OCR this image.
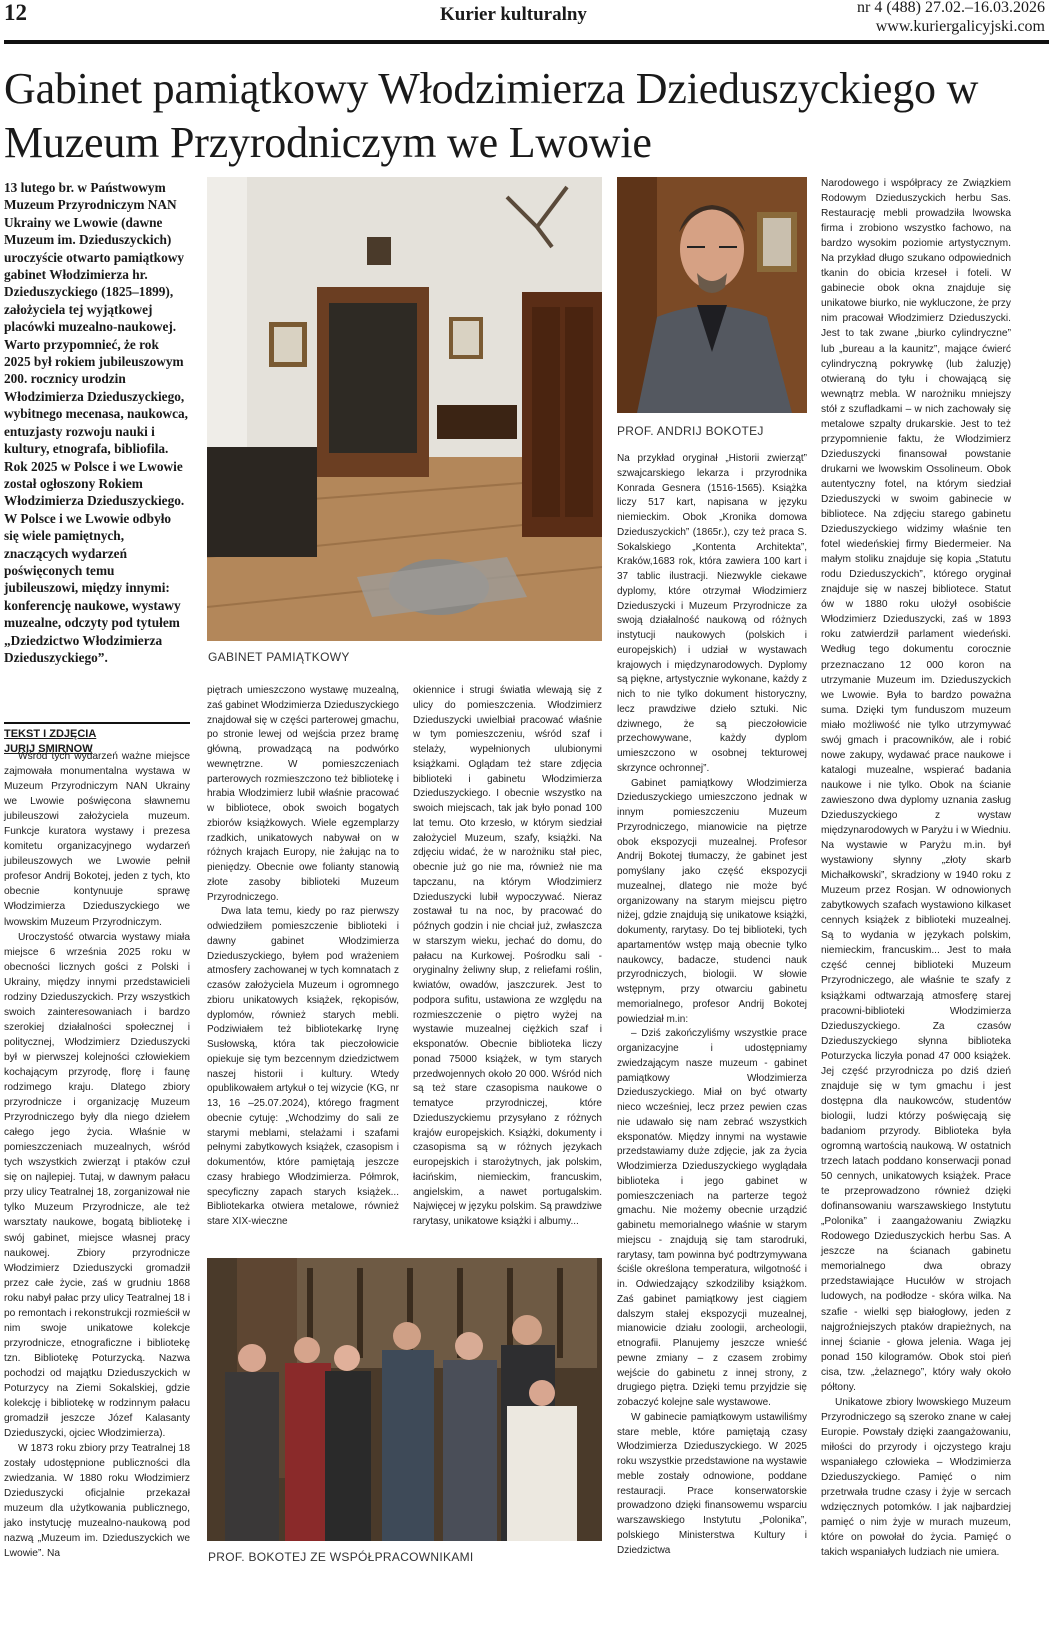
12	Kurier kulturalny	nr 4 (488) 27.02.–16.03.2026
www.kuriergalicyjski.com
Gabinet pamiątkowy Włodzimierza Dzieduszyckiego w Muzeum Przyrodniczym we Lwowie
13 lutego br. w Państwowym Muzeum Przyrodniczym NAN Ukrainy we Lwowie (dawne Muzeum im. Dzieduszyckich) uroczyście otwarto pamiątkowy gabinet Włodzimierza hr. Dzieduszyckiego (1825–1899), założyciela tej wyjątkowej placówki muzealno-naukowej. Warto przypomnieć, że rok 2025 był rokiem jubileuszowym 200. rocznicy urodzin Włodzimierza Dzieduszyckiego, wybitnego mecenasa, naukowca, entuzjasty rozwoju nauki i kultury, etnografa, bibliofila. Rok 2025 w Polsce i we Lwowie został ogłoszony Rokiem Włodzimierza Dzieduszyckiego. W Polsce i we Lwowie odbyło się wiele pamiętnych, znaczących wydarzeń poświęconych temu jubileuszowi, między innymi: konferencję naukowe, wystawy muzealne, odczyty pod tytułem „Dziedzictwo Włodzimierza Dzieduszyckiego”.
TEKST I ZDJĘCIA
JURIJ SMIRNOW

Wśród tych wydarzeń ważne miejsce zajmowała monumentalna wystawa w Muzeum Przyrodniczym NAN Ukrainy we Lwowie poświęcona sławnemu jubileuszowi założyciela muzeum. Funkcje kuratora wystawy i prezesa komitetu organizacyjnego wydarzeń jubileuszowych we Lwowie pełnił profesor Andrij Bokotej, jeden z tych, kto obecnie kontynuuje sprawę Włodzimierza Dzieduszyckiego we lwowskim Muzeum Przyrodniczym.

Uroczystość otwarcia wystawy miała miejsce 6 września 2025 roku w obecności licznych gości z Polski i Ukrainy, między innymi przedstawicieli rodziny Dzieduszyckich. Przy wszystkich swoich zainteresowaniach i bardzo szerokiej działalności społecznej i politycznej, Włodzimierz Dzieduszycki był w pierwszej kolejności człowiekiem kochającym przyrodę, florę i faunę rodzimego kraju. Dlatego zbiory przyrodnicze i organizację Muzeum Przyrodniczego były dla niego dziełem całego jego życia. Właśnie w pomieszczeniach muzealnych, wśród tych wszystkich zwierząt i ptaków czuł się on najlepiej. Tutaj, w dawnym pałacu przy ulicy Teatralnej 18, zorganizował nie tylko Muzeum Przyrodnicze, ale też warsztaty naukowe, bogatą bibliotekę i swój gabinet, miejsce własnej pracy naukowej. Zbiory przyrodnicze Włodzimierz Dzieduszycki gromadził przez całe życie, zaś w grudniu 1868 roku nabył pałac przy ulicy Teatralnej 18 i po remontach i rekonstrukcji rozmieścił w nim swoje unikatowe kolekcje przyrodnicze, etnograficzne i bibliotekę tzn. Bibliotekę Poturzycką. Nazwa pochodzi od majątku Dzieduszyckich w Poturzycy na Ziemi Sokalskiej, gdzie kolekcję i bibliotekę w rodzinnym pałacu gromadził jeszcze Józef Kalasanty Dzieduszycki, ojciec Włodzimierza).

W 1873 roku zbiory przy Teatralnej 18 zostały udostępnione publiczności dla zwiedzania. W 1880 roku Włodzimierz Dzieduszycki oficjalnie przekazał muzeum dla użytkowania publicznego, jako instytucję muzealno-naukową pod nazwą „Muzeum im. Dzieduszyckich we Lwowie”. Na

GABINET PAMIĄTKOWY

piętrach umieszczono wystawę muzealną, zaś gabinet Włodzimierza Dzieduszyckiego znajdował się w części parterowej gmachu, po stronie lewej od wejścia przez bramę główną, prowadzącą na podwórko wewnętrzne. W pomieszczeniach parterowych rozmieszczono też bibliotekę i hrabia Włodzimierz lubił właśnie pracować w bibliotece, obok swoich bogatych zbiorów książkowych. Wiele egzemplarzy rzadkich, unikatowych nabywał on w różnych krajach Europy, nie żałując na to pieniędzy. Obecnie owe folianty stanowią złote zasoby biblioteki Muzeum Przyrodniczego.

Dwa lata temu, kiedy po raz pierwszy odwiedziłem pomieszczenie biblioteki i dawny gabinet Włodzimierza Dzieduszyckiego, byłem pod wrażeniem atmosfery zachowanej w tych komnatach z czasów założyciela Muzeum i ogromnego zbioru unikatowych książek, rękopisów, dyplomów, również starych mebli. Podziwiałem też bibliotekarkę Irynę Susłowską, która tak pieczołowicie opiekuje się tym bezcennym dziedzictwem naszej historii i kultury. Wtedy opublikowałem artykuł o tej wizycie (KG, nr 13, 16 –25.07.2024), którego fragment obecnie cytuję: „Wchodzimy do sali ze starymi meblami, stelażami i szafami pełnymi zabytkowych książek, czasopism i dokumentów, które pamiętają jeszcze czasy hrabiego Włodzimierza. Półmrok, specyficzny zapach starych książek... Bibliotekarka otwiera metalowe, również stare XIX-wieczne

okiennice i strugi światła wlewają się z ulicy do pomieszczenia. Włodzimierz Dzieduszycki uwielbiał pracować właśnie w tym pomieszczeniu, wśród szaf i stelaży, wypełnionych ulubionymi książkami. Oglądam też stare zdjęcia biblioteki i gabinetu Włodzimierza Dzieduszyckiego. I obecnie wszystko na swoich miejscach, tak jak było ponad 100 lat temu. Oto krzesło, w którym siedział założyciel Muzeum, szafy, książki. Na zdjęciu widać, że w narożniku stał piec, obecnie już go nie ma, również nie ma tapczanu, na którym Włodzimierz Dzieduszycki lubił wypoczywać. Nieraz zostawał tu na noc, by pracować do późnych godzin i nie chciał już, zwłaszcza w starszym wieku, jechać do domu, do pałacu na Kurkowej. Pośrodku sali - oryginalny żeliwny słup, z reliefami roślin, kwiatów, owadów, jaszczurek. Jest to podpora sufitu, ustawiona ze względu na rozmieszczenie o piętro wyżej na wystawie muzealnej ciężkich szaf i eksponatów. Obecnie biblioteka liczy ponad 75000 książek, w tym starych przedwojennych około 20 000. Wśród nich są też stare czasopisma naukowe o tematyce przyrodniczej, które Dzieduszyckiemu przysyłano z różnych krajów europejskich. Książki, dokumenty i czasopisma są w różnych językach europejskich i starożytnych, jak polskim, łacińskim, niemieckim, francuskim, angielskim, a nawet portugalskim. Najwięcej w języku polskim. Są prawdziwe rarytasy, unikatowe książki i albumy...

PROF. BOKOTEJ ZE WSPÓŁPRACOWNIKAMI
PROF. ANDRIJ BOKOTEJ

Na przykład oryginał „Historii zwierząt” szwajcarskiego lekarza i przyrodnika Konrada Gesnera (1516-1565). Książka liczy 517 kart, napisana w języku niemieckim. Obok „Kronika domowa Dzieduszyckich” (1865r.), czy też praca S. Sokalskiego „Kontenta Architekta”, Kraków,1683 rok, która zawiera 100 kart i 37 tablic ilustracji. Niezwykle ciekawe dyplomy, które otrzymał Włodzimierz Dzieduszycki i Muzeum Przyrodnicze za swoją działalność naukową od różnych instytucji naukowych (polskich i europejskich) i udział w wystawach krajowych i międzynarodowych. Dyplomy są piękne, artystycznie wykonane, każdy z nich to nie tylko dokument historyczny, lecz prawdziwe dzieło sztuki. Nic dziwnego, że są pieczołowicie przechowywane, każdy dyplom umieszczono w osobnej tekturowej skrzynce ochronnej”.

Gabinet pamiątkowy Włodzimierza Dzieduszyckiego umieszczono jednak w innym pomieszczeniu Muzeum Przyrodniczego, mianowicie na piętrze obok ekspozycji muzealnej. Profesor Andrij Bokotej tłumaczy, że gabinet jest pomyślany jako część ekspozycji muzealnej, dlatego nie może być organizowany na starym miejscu piętro niżej, gdzie znajdują się unikatowe książki, dokumenty, rarytasy. Do tej biblioteki, tych apartamentów wstęp mają obecnie tylko naukowcy, badacze, studenci nauk przyrodniczych, biologii. W słowie wstępnym, przy otwarciu gabinetu memorialnego, profesor Andrij Bokotej powiedział m.in:

– Dziś zakończyliśmy wszystkie prace organizacyjne i udostępniamy zwiedzającym nasze muzeum - gabinet pamiątkowy Włodzimierza Dzieduszyckiego. Miał on być otwarty nieco wcześniej, lecz przez pewien czas nie udawało się nam zebrać wszystkich eksponatów. Między innymi na wystawie przedstawiamy duże zdjęcie, jak za życia Włodzimierza Dzieduszyckiego wyglądała biblioteka i jego gabinet w pomieszczeniach na parterze tegoż gmachu. Nie możemy obecnie urządzić gabinetu memorialnego właśnie w starym miejscu - znajdują się tam starodruki, rarytasy, tam powinna być podtrzymywana ściśle określona temperatura, wilgotność i in. Odwiedzający szkodziliby książkom. Zaś gabinet pamiątkowy jest ciągiem dalszym stałej ekspozycji muzealnej, mianowicie działu zoologii, archeologii, etnografii. Planujemy jeszcze wnieść pewne zmiany – z czasem zrobimy wejście do gabinetu z innej strony, z drugiego piętra. Dzięki temu przyjdzie się zobaczyć kolejne sale wystawowe.

W gabinecie pamiątkowym ustawiliśmy stare meble, które pamiętają czasy Włodzimierza Dzieduszyckiego. W 2025 roku wszystkie przedstawione na wystawie meble zostały odnowione, poddane restauracji. Prace konserwatorskie prowadzono dzięki finansowemu wsparciu warszawskiego Instytutu „Polonika”, polskiego Ministerstwa Kultury i Dziedzictwa

Narodowego i współpracy ze Związkiem Rodowym Dzieduszyckich herbu Sas. Restaurację mebli prowadziła lwowska firma i zrobiono wszystko fachowo, na bardzo wysokim poziomie artystycznym. Na przykład długo szukano odpowiednich tkanin do obicia krzeseł i foteli. W gabinecie obok okna znajduje się unikatowe biurko, nie wykluczone, że przy nim pracował Włodzimierz Dzieduszycki. Jest to tak zwane „biurko cylindryczne” lub „bureau a la kaunitz”, mające ćwierć cylindryczną pokrywkę (lub żaluzję) otwieraną do tyłu i chowającą się wewnątrz mebla. W narożniku mniejszy stół z szufladkami – w nich zachowały się metalowe szpalty drukarskie. Jest to też przypomnienie faktu, że Włodzimierz Dzieduszycki finansował powstanie drukarni we lwowskim Ossolineum. Obok autentyczny fotel, na którym siedział Dzieduszycki w swoim gabinecie w bibliotece. Na zdjęciu starego gabinetu Dzieduszyckiego widzimy właśnie ten fotel wiedeńskiej firmy Biedermeier. Na małym stoliku znajduje się kopia „Statutu rodu Dzieduszyckich”, którego oryginał znajduje się w naszej bibliotece. Statut ów w 1880 roku ułożył osobiście Włodzimierz Dzieduszycki, zaś w 1893 roku zatwierdził parlament wiedeński. Według tego dokumentu corocznie przeznaczano 12 000 koron na utrzymanie Muzeum im. Dzieduszyckich we Lwowie. Była to bardzo poważna suma. Dzięki tym funduszom muzeum miało możliwość nie tylko utrzymywać swój gmach i pracowników, ale i robić nowe zakupy, wydawać prace naukowe i katalogi muzealne, wspierać badania naukowe i nie tylko. Obok na ścianie zawieszono dwa dyplomy uznania zasług Dzieduszyckiego z wystaw międzynarodowych w Paryżu i w Wiedniu. Na wystawie w Paryżu m.in. był wystawiony słynny „złoty skarb Michałkowski”, skradziony w 1940 roku z Muzeum przez Rosjan. W odnowionych zabytkowych szafach wystawiono kilkaset cennych książek z biblioteki muzealnej. Są to wydania w językach polskim, niemieckim, francuskim... Jest to mała część cennej biblioteki Muzeum Przyrodniczego, ale właśnie te szafy z książkami odtwarzają atmosferę starej pracowni-biblioteki Włodzimierza Dzieduszyckiego. Za czasów Dzieduszyckiego słynna biblioteka Poturzycka liczyła ponad 47 000 książek. Jej część przyrodnicza po dziś dzień znajduje się w tym gmachu i jest dostępna dla naukowców, studentów biologii, ludzi którzy poświęcają się badaniom przyrody. Biblioteka była ogromną wartością naukową. W ostatnich trzech latach poddano konserwacji ponad 50 cennych, unikatowych książek. Prace te przeprowadzono również dzięki dofinansowaniu warszawskiego Instytutu „Polonika” i zaangażowaniu Związku Rodowego Dzieduszyckich herbu Sas. A jeszcze na ścianach gabinetu memorialnego dwa obrazy przedstawiające Hucułów w strojach ludowych, na podłodze - skóra wilka. Na szafie - wielki sęp białogłowy, jeden z najgroźniejszych ptaków drapieżnych, na innej ścianie - głowa jelenia. Waga jej ponad 150 kilogramów. Obok stoi pień cisa, tzw. „żelaznego”, który wały około półtony.

Unikatowe zbiory lwowskiego Muzeum Przyrodniczego są szeroko znane w całej Europie. Powstały dzięki zaangażowaniu, miłości do przyrody i ojczystego kraju wspaniałego człowieka – Włodzimierza Dzieduszyckiego. Pamięć o nim przetrwała trudne czasy i żyje w sercach wdzięcznych potomków. I jak najbardziej pamięć o nim żyje w murach muzeum, które on powołał do życia. Pamięć o takich wspaniałych ludziach nie umiera.
